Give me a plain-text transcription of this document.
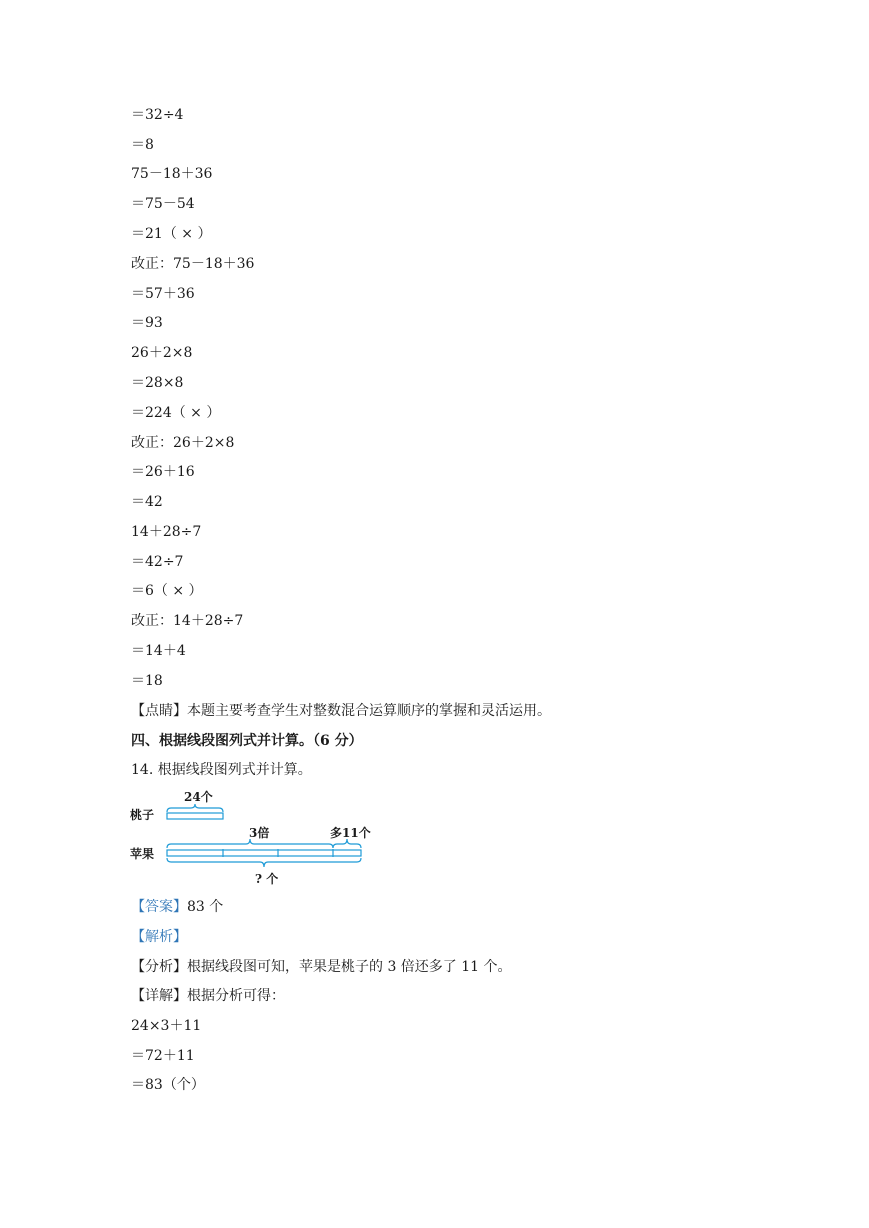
＝32÷4
＝8
75－18＋36
＝75－54
＝21（ × ）
改正：75－18＋36
＝57＋36
＝93
26＋2×8
＝28×8
＝224（ × ）
改正：26＋2×8
＝26＋16
＝42
14＋28÷7
＝42÷7
＝6（ × ）
改正：14＋28÷7
＝14＋4
＝18
【点睛】本题主要考查学生对整数混合运算顺序的掌握和灵活运用。
四、根据线段图列式并计算。（6 分）
14. 根据线段图列式并计算。
桃子
24个
苹果
3倍	多11个
? 个
【答案】83 个
【解析】
【分析】根据线段图可知，苹果是桃子的 3 倍还多了 11 个。
【详解】根据分析可得：
24×3＋11
＝72＋11
＝83（个）
